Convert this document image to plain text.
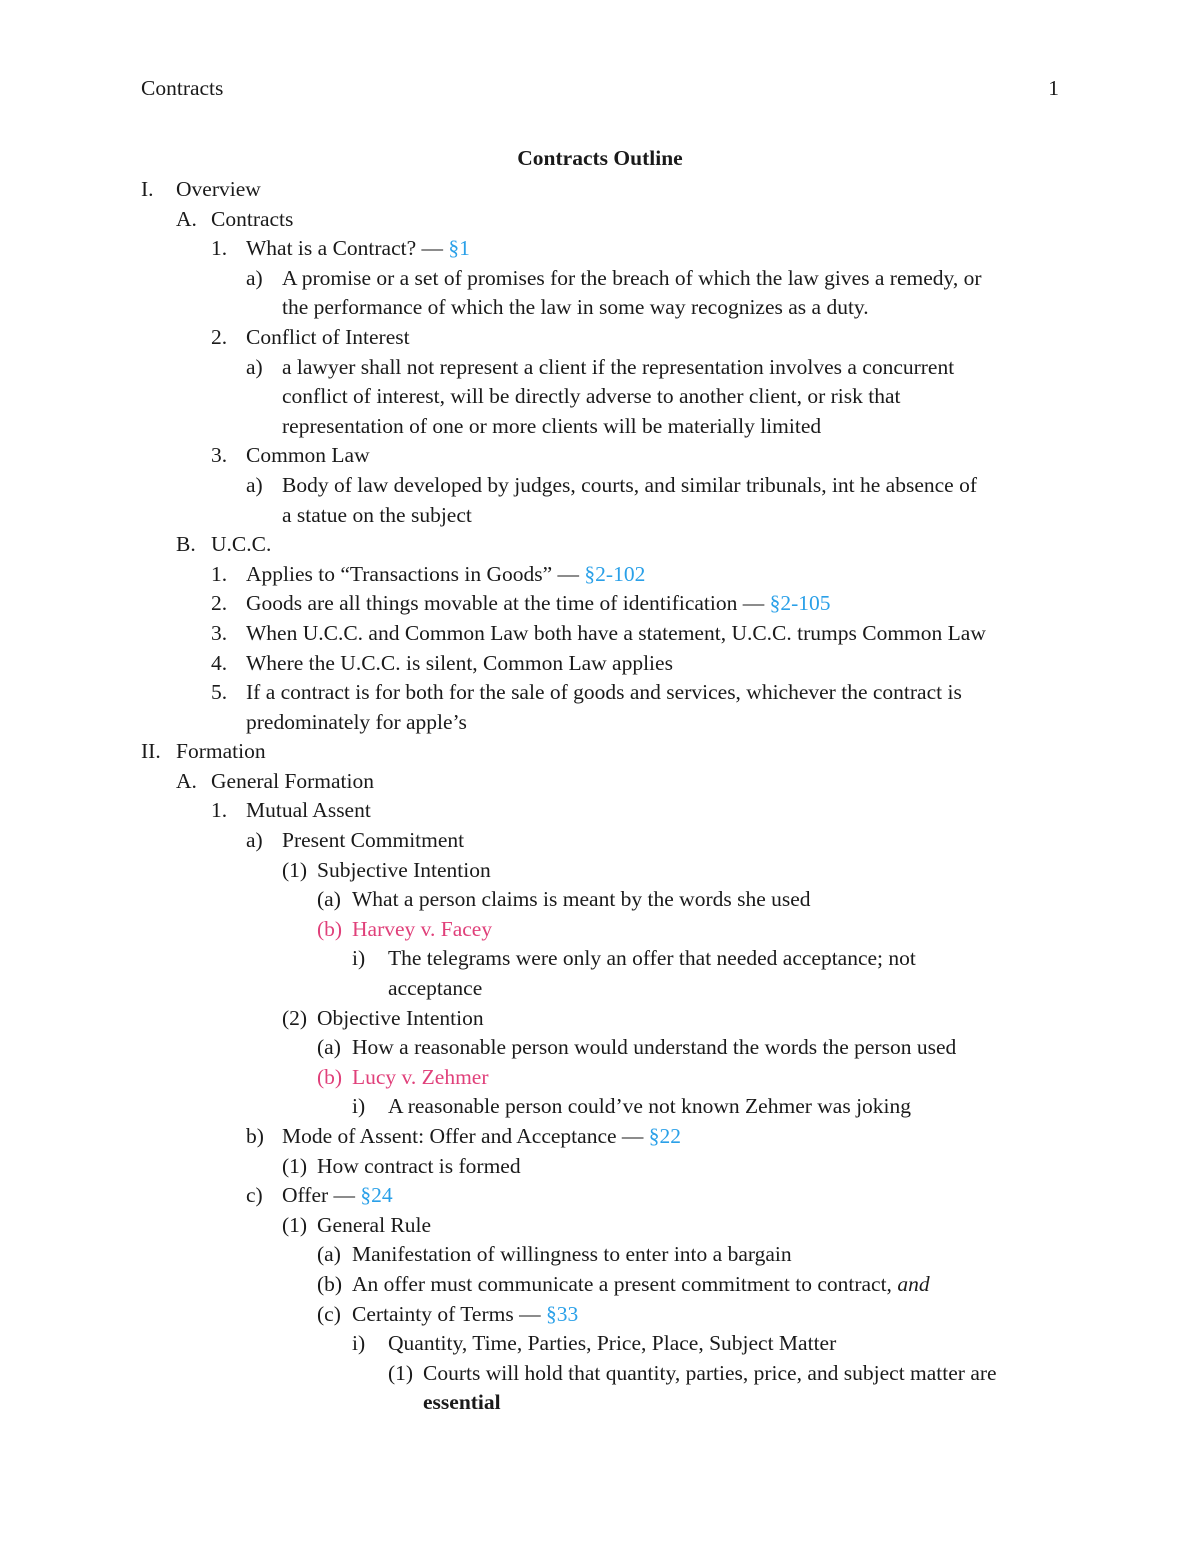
Contracts	1
Contracts Outline
I. Overview
A. Contracts
1. What is a Contract? — §1
a) A promise or a set of promises for the breach of which the law gives a remedy, or
the performance of which the law in some way recognizes as a duty.
2. Conflict of Interest
a) a lawyer shall not represent a client if the representation involves a concurrent
conflict of interest, will be directly adverse to another client, or risk that
representation of one or more clients will be materially limited
3. Common Law
a) Body of law developed by judges, courts, and similar tribunals, int he absence of
a statue on the subject
B. U.C.C.
1. Applies to “Transactions in Goods” — §2-102
2. Goods are all things movable at the time of identification — §2-105
3. When U.C.C. and Common Law both have a statement, U.C.C. trumps Common Law
4. Where the U.C.C. is silent, Common Law applies
5. If a contract is for both for the sale of goods and services, whichever the contract is
predominately for apple’s
II. Formation
A. General Formation
1. Mutual Assent
a) Present Commitment
(1) Subjective Intention
(a) What a person claims is meant by the words she used
(b) Harvey v. Facey
i) The telegrams were only an offer that needed acceptance; not
acceptance
(2) Objective Intention
(a) How a reasonable person would understand the words the person used
(b) Lucy v. Zehmer
i) A reasonable person could’ve not known Zehmer was joking
b) Mode of Assent: Offer and Acceptance — §22
(1) How contract is formed
c) Offer — §24
(1) General Rule
(a) Manifestation of willingness to enter into a bargain
(b) An offer must communicate a present commitment to contract, and
(c) Certainty of Terms — §33
i) Quantity, Time, Parties, Price, Place, Subject Matter
(1) Courts will hold that quantity, parties, price, and subject matter are
essential
